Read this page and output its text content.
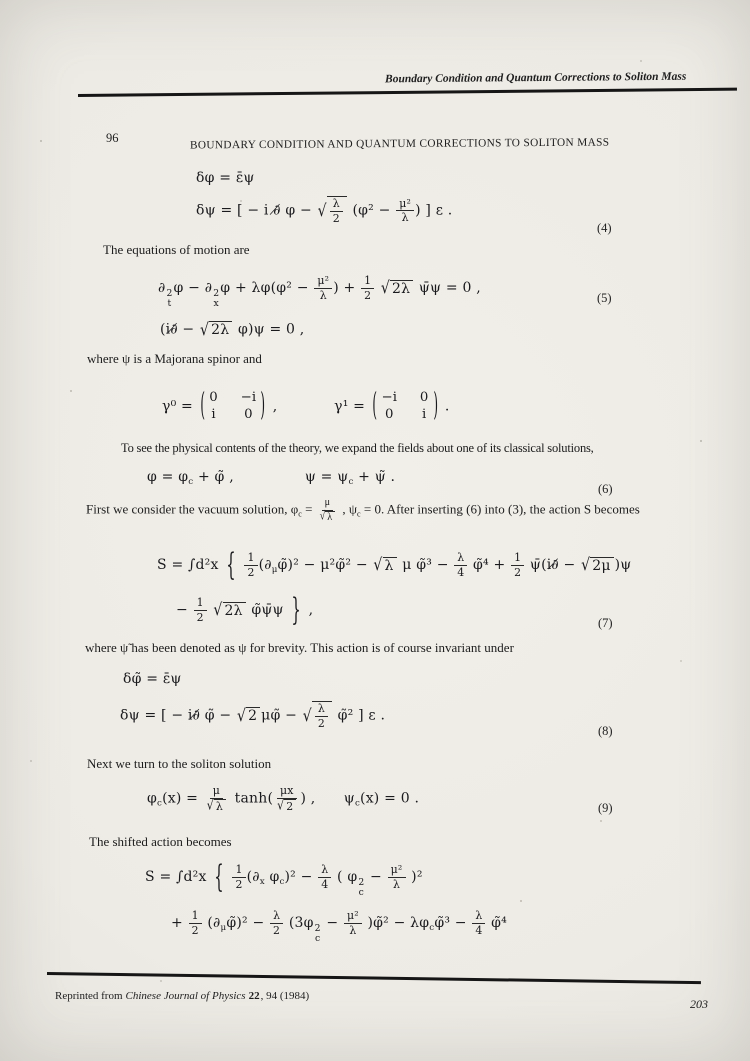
Boundary Condition and Quantum Corrections to Soliton Mass
96	BOUNDARY CONDITION AND QUANTUM CORRECTIONS TO SOLITON MASS
δφ = ε̄ψ
δψ = [ − i ∂̸ φ − √ $\frac{\lambda}{2} (\varphi^2 - \frac{\text{μ²}}{\lambda}$ ) ] ε .
(4)
The equations of motion are
∂ 2
t
φ − ∂ 2
x
$\varphi + \lambda\varphi(\varphi^2 - \frac{\text{μ²}}{\lambda}$ ) + $\frac{1}{2}$
√ 2λ ψ̄ψ = 0 ,
(5)
(i∂̸ − √ 2λ φ)ψ = 0 ,
where ψ is a Majorana spinor and
γ⁰ = ( 0 −i
i 0 ) ,    γ¹ = ( −i 0
0 i ) .
To see the physical contents of the theory, we expand the fields about one of its classical solutions,
$\varphi = \varphi_c$ + φ̃ ,     $\psi = \psi_c$ + ψ̃ .
(6)
First we consider the vacuum solution, $\varphi_c = \frac{\mu}{√ \lambda}$ , $\psi_c = 0$. After inserting (6) into (3), the action S becomes
S = ∫d²x { $\frac{1}{2}$ $(\partial_\mu\varphĩ)^2$ − μ²φ̃² − √ λ μ φ̃³ − $\frac{\lambda}{4}$ φ̃⁴ + $\frac{1}{2}$ ψ̄(i∂̸ − √ 2μ )ψ
− $\frac{1}{2}$
√ 2λ φ̃ψ̄ψ } ,
(7)
where ψ̃ has been denoted as ψ for brevity. This action is of course invariant under
δφ̃ = ε̄ψ
δψ = [ − i∂̸ φ̃ − √ 2 μφ̃ − √ $\frac{\lambda}{2}$ φ̃² ] ε .
(8)
Next we turn to the soliton solution
$\varphi_c(x) = \frac{\mu}{√ \lambda} \tanh( \frac{\mu x}{√ 2}$ ) ,  $\psi_c(x) = 0$ .
(9)
The shifted action becomes
S = ∫d²x { $\frac{1}{2} (\partial_x$ $\varphi_c)^2 - \frac{\lambda}{4}$ ( φ 2
c
− $\frac{\text{μ²}}{\lambda} )^2$
+ $\frac{1}{2}$ $(\partial_\mu\varphĩ)^2 - \frac{\lambda}{2} (3\varphi$ 2
c
− $\frac{\text{μ²}}{\lambda}$ )φ̃² − $\lambda\varphi_c\varphĩ^3 - \frac{\lambda}{4}$ φ̃⁴
Reprinted from Chinese Journal of Physics 22, 94 (1984)
203
